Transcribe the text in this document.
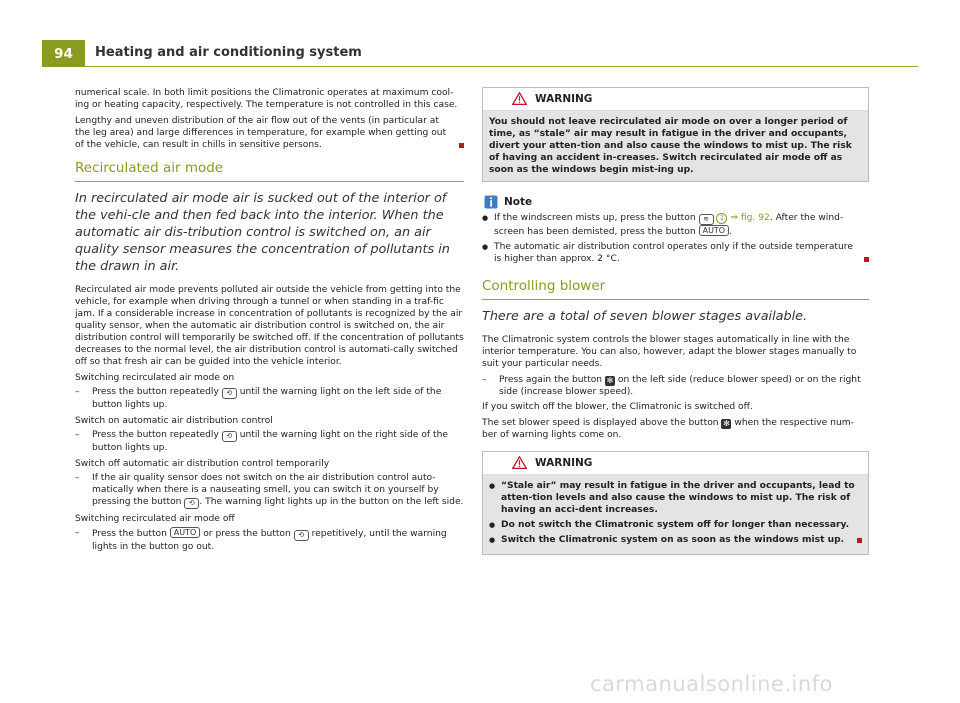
94	Heating and air conditioning system

numerical scale. In both limit positions the Climatronic operates at maximum cool-ing or heating capacity, respectively. The temperature is not controlled in this case.

Lengthy and uneven distribution of the air flow out of the vents (in particular at the leg area) and large differences in temperature, for example when getting out of the vehicle, can result in chills in sensitive persons.

Recirculated air mode
In recirculated air mode air is sucked out of the interior of the vehi-cle and then fed back into the interior. When the automatic air dis-tribution control is switched on, an air quality sensor measures the concentration of pollutants in the drawn in air.

Recirculated air mode prevents polluted air outside the vehicle from getting into the vehicle, for example when driving through a tunnel or when standing in a traf-fic jam. If a considerable increase in concentration of pollutants is recognized by the air quality sensor, when the automatic air distribution control is switched on, the air distribution control will temporarily be switched off. If the concentration of pollutants decreases to the normal level, the air distribution control is automati-cally switched off so that fresh air can be guided into the vehicle interior.

Switching recirculated air mode on
– Press the button repeatedly ⟲ until the warning light on the left side of the button lights up.
Switch on automatic air distribution control
– Press the button repeatedly ⟲ until the warning light on the right side of the button lights up.
Switch off automatic air distribution control temporarily
– If the air quality sensor does not switch on the air distribution control auto-matically when there is a nauseating smell, you can switch it on yourself by pressing the button ⟲ . The warning light lights up in the button on the left side.
Switching recirculated air mode off
– Press the button AUTO or press the button ⟲ repetitively, until the warning lights in the button go out.
WARNING
You should not leave recirculated air mode on over a longer period of time, as “stale” air may result in fatigue in the driver and occupants, divert your atten-tion and also cause the windows to mist up. The risk of having an accident in-creases. Switch recirculated air mode off as soon as the windows begin mist-ing up.
Note
● If the windscreen mists up, press the button ≋ 1 ⇒ fig. 92. After the wind-screen has been demisted, press the button AUTO .
● The automatic air distribution control operates only if the outside temperature is higher than approx. 2 °C.
Controlling blower
There are a total of seven blower stages available.

The Climatronic system controls the blower stages automatically in line with the interior temperature. You can also, however, adapt the blower stages manually to suit your particular needs.

– Press again the button ✻ on the left side (reduce blower speed) or on the right side (increase blower speed).

If you switch off the blower, the Climatronic is switched off.

The set blower speed is displayed above the button ✻ when the respective num-ber of warning lights come on.

WARNING
● “Stale air” may result in fatigue in the driver and occupants, lead to atten-tion levels and also cause the windows to mist up. The risk of having an acci-dent increases.
● Do not switch the Climatronic system off for longer than necessary.
● Switch the Climatronic system on as soon as the windows mist up.
carmanualsonline.info
